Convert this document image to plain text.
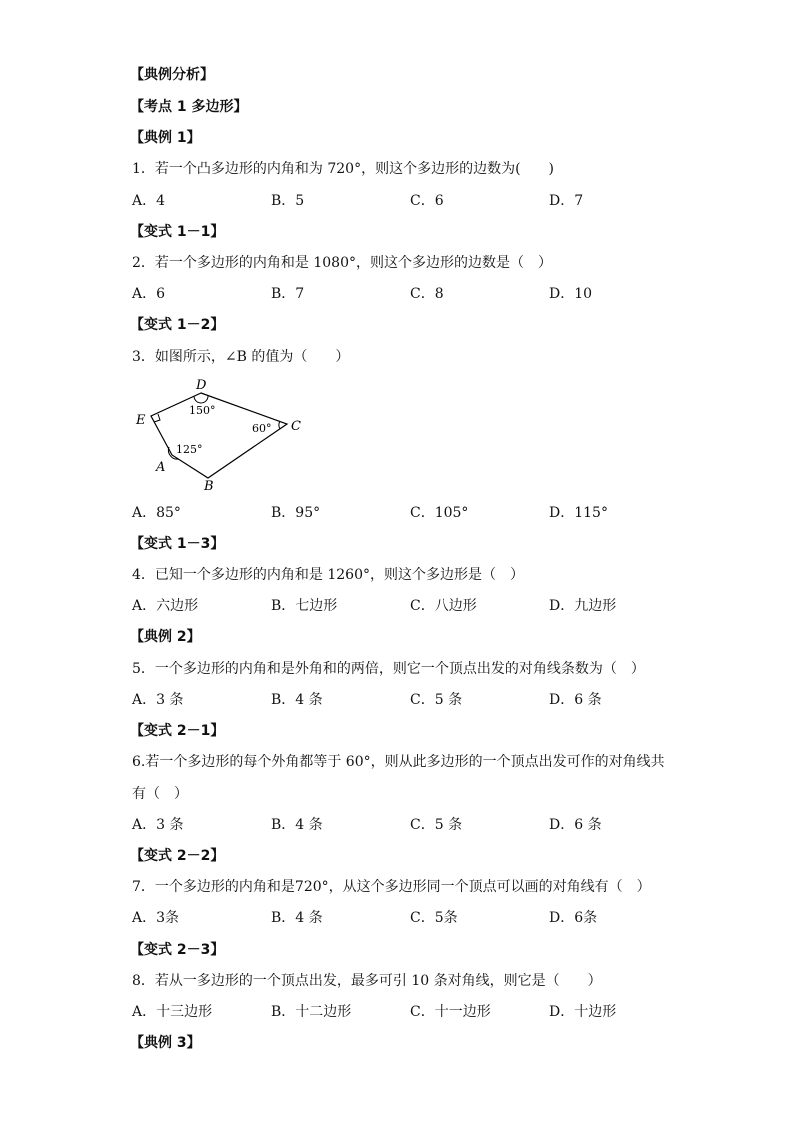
【典例分析】
【考点 1 多边形】
【典例 1】
1．若一个凸多边形的内角和为 720°，则这个多边形的边数为(　　)
A．4	B．5	C．6	D．7
【变式 1－1】
2．若一个多边形的内角和是 1080°，则这个多边形的边数是（　）
A．6	B．7	C．8	D．10
【变式 1－2】
3．如图所示，∠B 的值为（　　）
D
C
E
A
B
150°
60°
125°
A．85°	B．95°	C．105°	D．115°
【变式 1－3】
4．已知一个多边形的内角和是 1260°，则这个多边形是（　）
A．六边形	B．七边形	C．八边形	D．九边形
【典例 2】
5．一个多边形的内角和是外角和的两倍，则它一个顶点出发的对角线条数为（　）
A．3 条	B．4 条	C．5 条	D．6 条
【变式 2－1】
6.若一个多边形的每个外角都等于 60°，则从此多边形的一个顶点出发可作的对角线共
有（　）
A．3 条	B．4 条	C．5 条	D．6 条
【变式 2－2】
7．一个多边形的内角和是720°，从这个多边形同一个顶点可以画的对角线有（　）
A．3条	B．4 条	C．5条	D．6条
【变式 2－3】
8．若从一多边形的一个顶点出发，最多可引 10 条对角线，则它是（　　）
A．十三边形	B．十二边形	C．十一边形	D．十边形
【典例 3】
